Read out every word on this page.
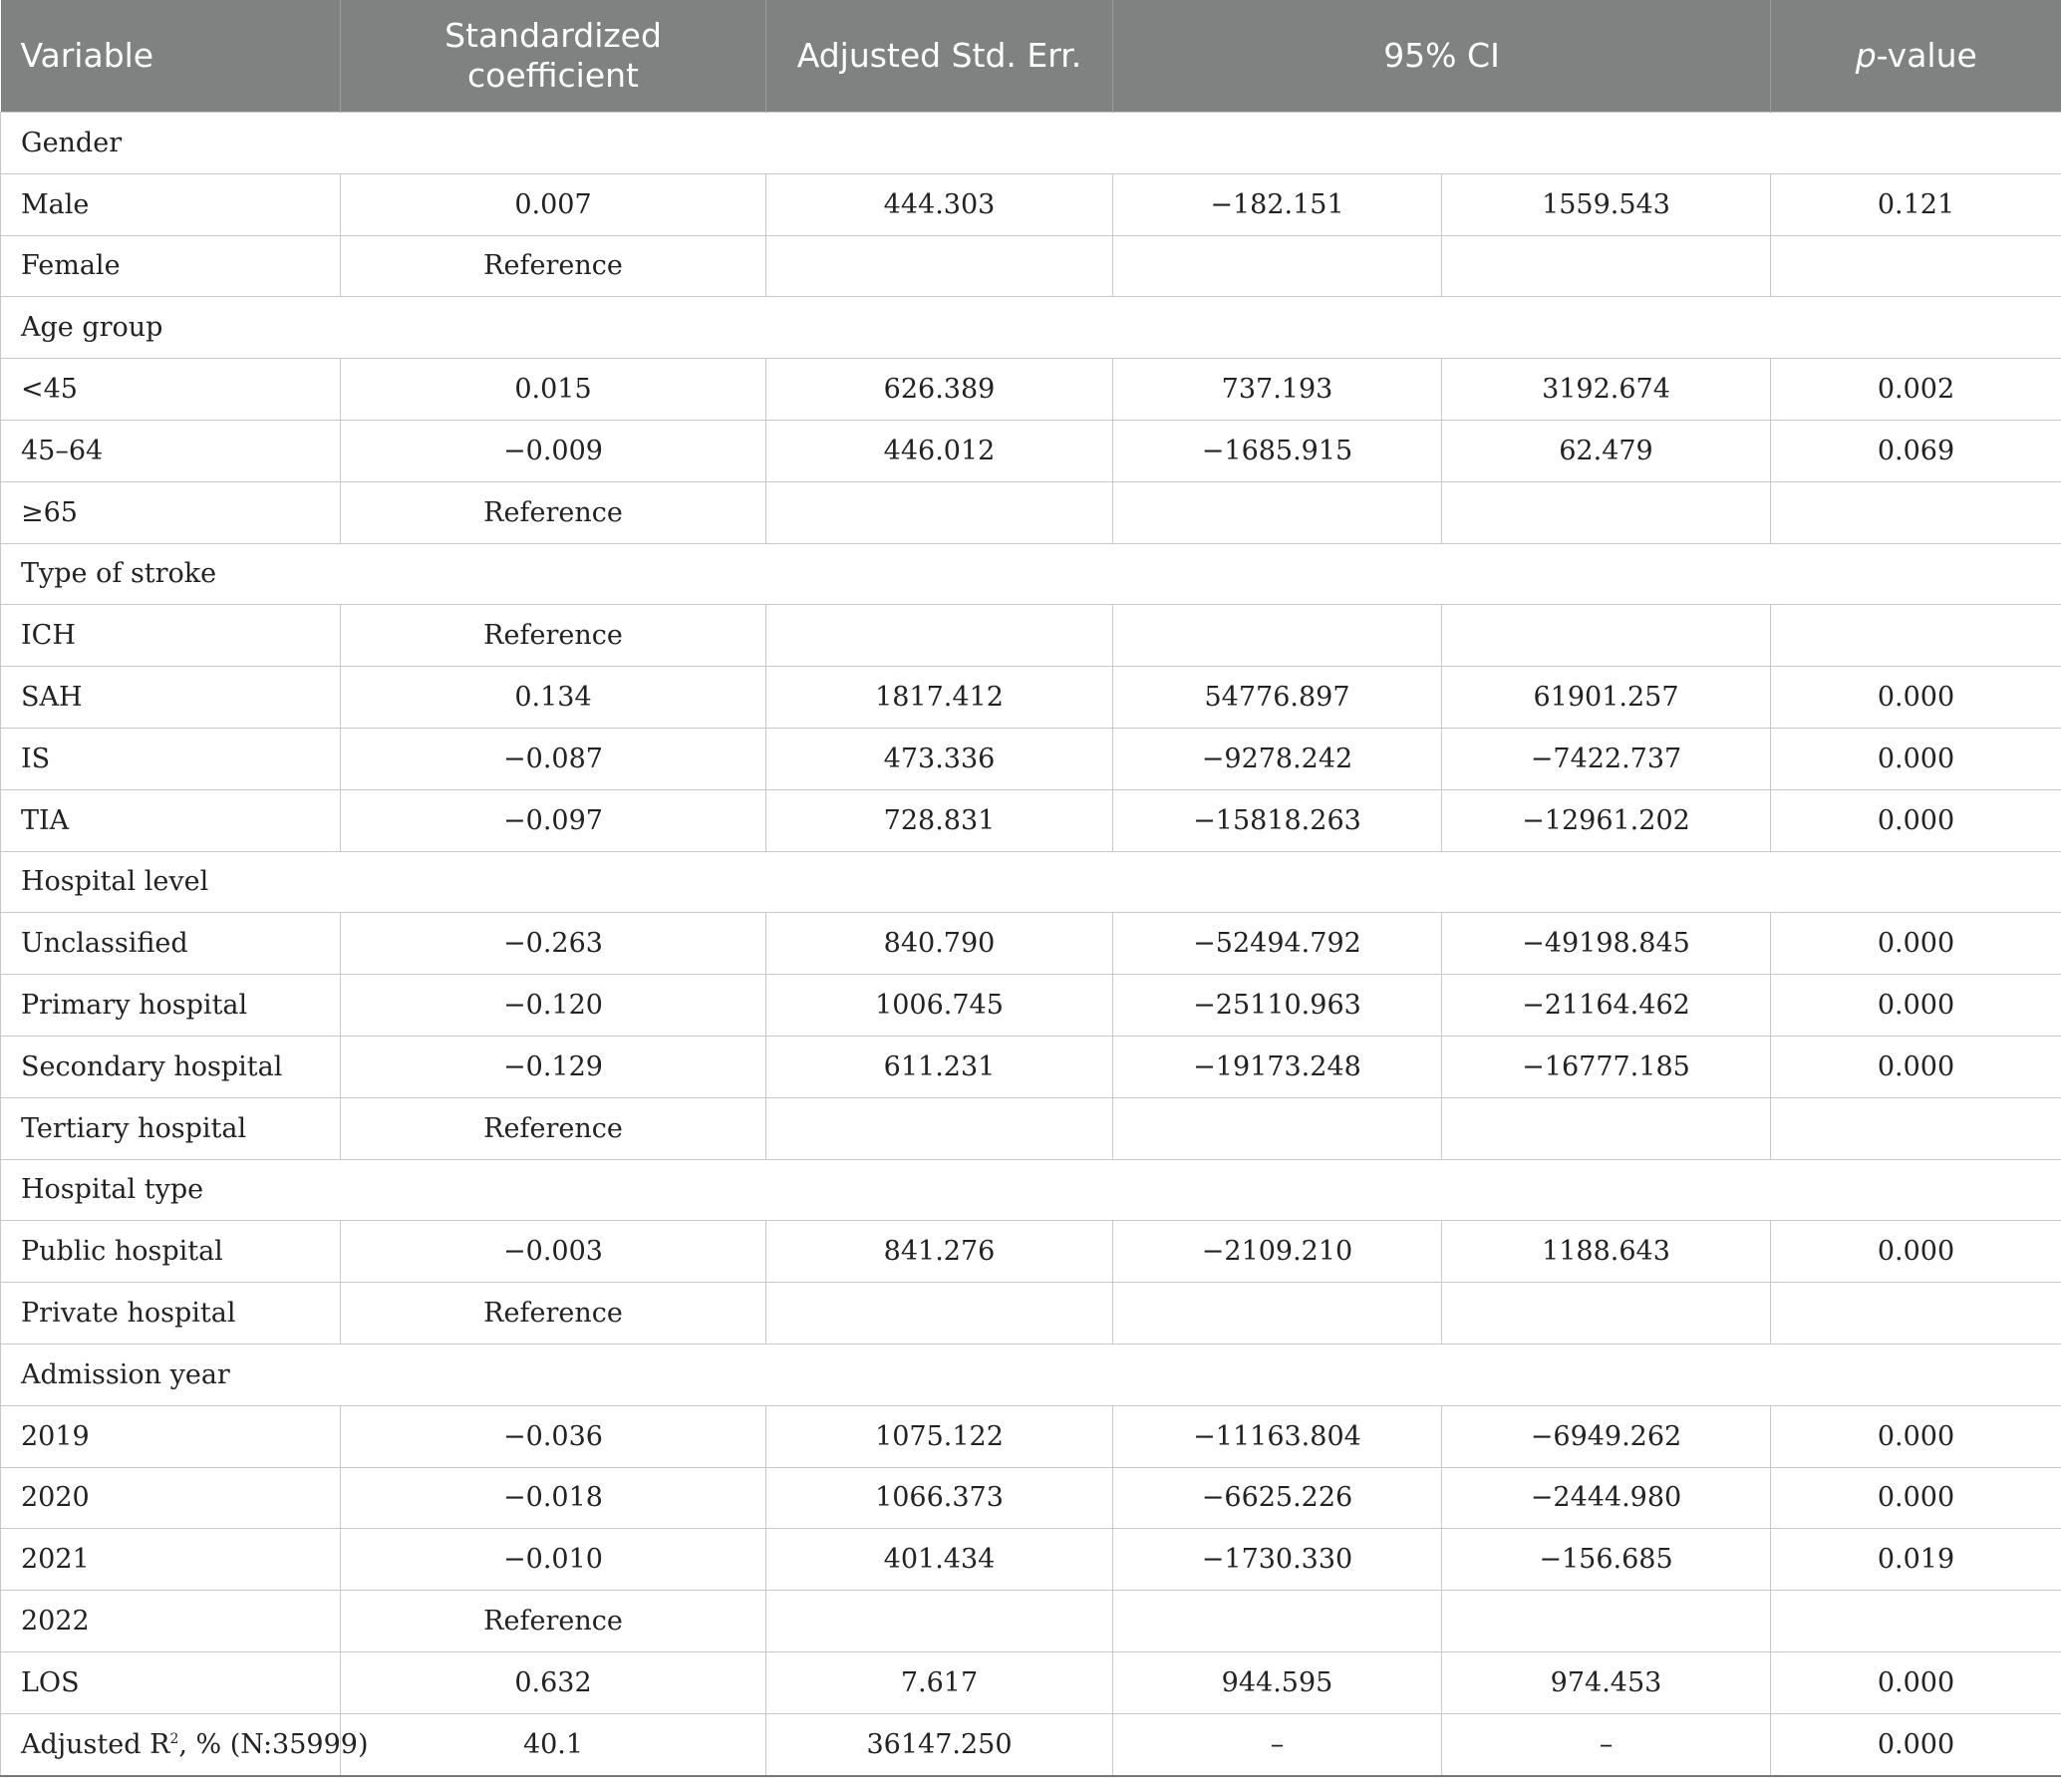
Variable	Standardized coefficient	Adjusted Std. Err.	95% CI		p-value
Gender					
Male	0.007	444.303	−182.151	1559.543	0.121
Female	Reference				
Age group					
<45	0.015	626.389	737.193	3192.674	0.002
45–64	−0.009	446.012	−1685.915	62.479	0.069
≥65	Reference				
Type of stroke					
ICH	Reference				
SAH	0.134	1817.412	54776.897	61901.257	0.000
IS	−0.087	473.336	−9278.242	−7422.737	0.000
TIA	−0.097	728.831	−15818.263	−12961.202	0.000
Hospital level					
Unclassified	−0.263	840.790	−52494.792	−49198.845	0.000
Primary hospital	−0.120	1006.745	−25110.963	−21164.462	0.000
Secondary hospital	−0.129	611.231	−19173.248	−16777.185	0.000
Tertiary hospital	Reference				
Hospital type					
Public hospital	−0.003	841.276	−2109.210	1188.643	0.000
Private hospital	Reference				
Admission year					
2019	−0.036	1075.122	−11163.804	−6949.262	0.000
2020	−0.018	1066.373	−6625.226	−2444.980	0.000
2021	−0.010	401.434	−1730.330	−156.685	0.019
2022	Reference				
LOS	0.632	7.617	944.595	974.453	0.000
Adjusted $R^2$, % (N:35999)	40.1	36147.250	–	–	0.000
